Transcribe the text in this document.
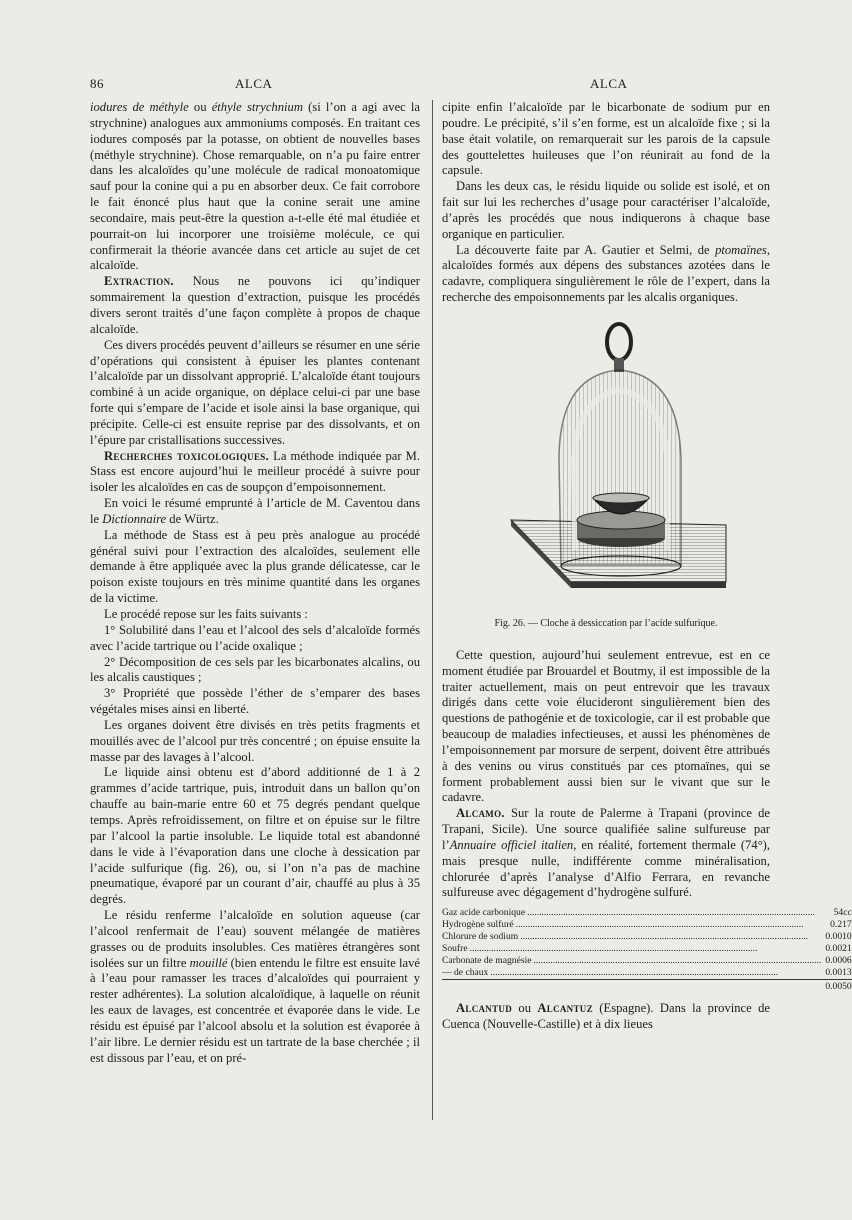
86	ALCA	ALCA

iodures de méthyle ou éthyle strychnium (si l’on a agi avec la strychnine) analogues aux ammoniums composés. En traitant ces iodures composés par la potasse, on obtient de nouvelles bases (méthyle strychnine). Chose remarquable, on n’a pu faire entrer dans les alcaloïdes qu’une molécule de radical monoatomique sauf pour la conine qui a pu en absorber deux. Ce fait corrobore le fait énoncé plus haut que la conine serait une amine secondaire, mais peut-être la question a-t-elle été mal étudiée et pourrait-on lui incorporer une troisième molécule, ce qui confirmerait la théorie avancée dans cet article au sujet de cet alcaloïde.

Extraction. Nous ne pouvons ici qu’indiquer sommairement la question d’extraction, puisque les procédés divers seront traités d’une façon complète à propos de chaque alcaloïde.

Ces divers procédés peuvent d’ailleurs se résumer en une série d’opérations qui consistent à épuiser les plantes contenant l’alcaloïde par un dissolvant approprié. L’alcaloïde étant toujours combiné à un acide organique, on déplace celui-ci par une base forte qui s’empare de l’acide et isole ainsi la base organique, qui précipite. Celle-ci est ensuite reprise par des dissolvants, et on l’épure par cristallisations successives.

Recherches toxicologiques. La méthode indiquée par M. Stass est encore aujourd’hui le meilleur procédé à suivre pour isoler les alcaloïdes en cas de soupçon d’empoisonnement.

En voici le résumé emprunté à l’article de M. Caventou dans le Dictionnaire de Würtz.

La méthode de Stass est à peu près analogue au procédé général suivi pour l’extraction des alcaloïdes, seulement elle demande à être appliquée avec la plus grande délicatesse, car le poison existe toujours en très minime quantité dans les organes de la victime.

Le procédé repose sur les faits suivants :

1° Solubilité dans l’eau et l’alcool des sels d’alcaloïde formés avec l’acide tartrique ou l’acide oxalique ;

2° Décomposition de ces sels par les bicarbonates alcalins, ou les alcalis caustiques ;

3° Propriété que possède l’éther de s’emparer des bases végétales mises ainsi en liberté.

Les organes doivent être divisés en très petits fragments et mouillés avec de l’alcool pur très concentré ; on épuise ensuite la masse par des lavages à l’alcool.

Le liquide ainsi obtenu est d’abord additionné de 1 à 2 grammes d’acide tartrique, puis, introduit dans un ballon qu’on chauffe au bain-marie entre 60 et 75 degrés pendant quelque temps. Après refroidissement, on filtre et on épuise sur le filtre par l’alcool la partie insoluble. Le liquide total est abandonné dans le vide à l’évaporation dans une cloche à dessication par l’acide sulfurique (fig. 26), ou, si l’on n’a pas de machine pneumatique, évaporé par un courant d’air, chauffé au plus à 35 degrés.

Le résidu renferme l’alcaloïde en solution aqueuse (car l’alcool renfermait de l’eau) souvent mélangée de matières grasses ou de produits insolubles. Ces matières étrangères sont isolées sur un filtre mouillé (bien entendu le filtre est ensuite lavé à l’eau pour ramasser les traces d’alcaloïdes qui pourraient y rester adhérentes). La solution alcaloïdique, à laquelle on réunit les eaux de lavages, est concentrée et évaporée dans le vide. Le résidu est épuisé par l’alcool absolu et la solution est évaporée à l’air libre. Le dernier résidu est un tartrate de la base cherchée ; il est dissous par l’eau, et on pré-

cipite enfin l’alcaloïde par le bicarbonate de sodium pur en poudre. Le précipité, s’il s’en forme, est un alcaloïde fixe ; si la base était volatile, on remarquerait sur les parois de la capsule des gouttelettes huileuses que l’on réunirait au fond de la capsule.

Dans les deux cas, le résidu liquide ou solide est isolé, et on fait sur lui les recherches d’usage pour caractériser l’alcaloïde, d’après les procédés que nous indiquerons à chaque base organique en particulier.

La découverte faite par A. Gautier et Selmi, de ptomaïnes, alcaloïdes formés aux dépens des substances azotées dans le cadavre, compliquera singulièrement le rôle de l’expert, dans la recherche des empoisonnements par les alcalis organiques.

Fig. 26. — Cloche à dessiccation par l’acide sulfurique.

Cette question, aujourd’hui seulement entrevue, est en ce moment étudiée par Brouardel et Boutmy, il est impossible de la traiter actuellement, mais on peut entrevoir que les travaux dirigés dans cette voie élucideront singulièrement bien des questions de pathogénie et de toxicologie, car il est probable que beaucoup de maladies infectieuses, et aussi les phénomènes de l’empoisonnement par morsure de serpent, doivent être attribués à des venins ou virus constitués par ces ptomaïnes, qui se forment probablement aussi bien sur le vivant que sur le cadavre.

Alcamo. Sur la route de Palerme à Trapani (province de Trapani, Sicile). Une source qualifiée saline sulfureuse par l’Annuaire officiel italien, en réalité, fortement thermale (74°), mais presque nulle, indifférente comme minéralisation, chlorurée d’après l’analyse d’Alfio Ferrara, en revanche sulfureuse avec dégagement d’hydrogène sulfuré.

Gaz acide carbonique ........................................................................................................................	54cc
Hydrogène sulfuré ........................................................................................................................	0.217
Chlorure de sodium ........................................................................................................................	0.0010
Soufre ........................................................................................................................	0.0021
Carbonate de magnésie ........................................................................................................................	0.0006
— de chaux ........................................................................................................................	0.0013
	0.0050

Alcantud ou Alcantuz (Espagne). Dans la province de Cuenca (Nouvelle-Castille) et à dix lieues
